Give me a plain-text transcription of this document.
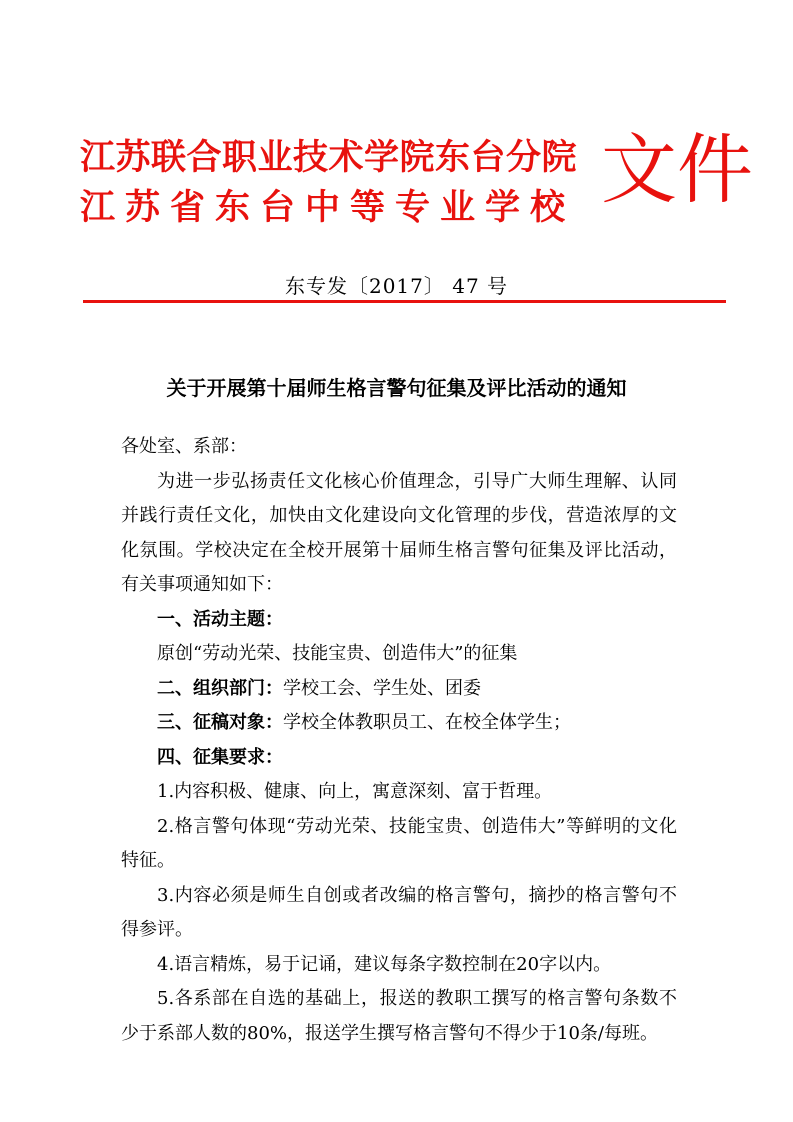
江苏联合职业技术学院东台分院
江苏省东台中等专业学校 文件
东专发〔2017〕 47 号
关于开展第十届师生格言警句征集及评比活动的通知

各处室、系部：

为进一步弘扬责任文化核心价值理念，引导广大师生理解、认同并践行责任文化，加快由文化建设向文化管理的步伐，营造浓厚的文化氛围。学校决定在全校开展第十届师生格言警句征集及评比活动，有关事项通知如下：

一、活动主题：

原创“劳动光荣、技能宝贵、创造伟大”的征集

二、组织部门：学校工会、学生处、团委

三、征稿对象：学校全体教职员工、在校全体学生；

四、征集要求：

1.内容积极、健康、向上，寓意深刻、富于哲理。

2.格言警句体现“劳动光荣、技能宝贵、创造伟大”等鲜明的文化特征。

3.内容必须是师生自创或者改编的格言警句，摘抄的格言警句不得参评。

4.语言精炼，易于记诵，建议每条字数控制在20字以内。

5.各系部在自选的基础上，报送的教职工撰写的格言警句条数不少于系部人数的80%，报送学生撰写格言警句不得少于10条/每班。
